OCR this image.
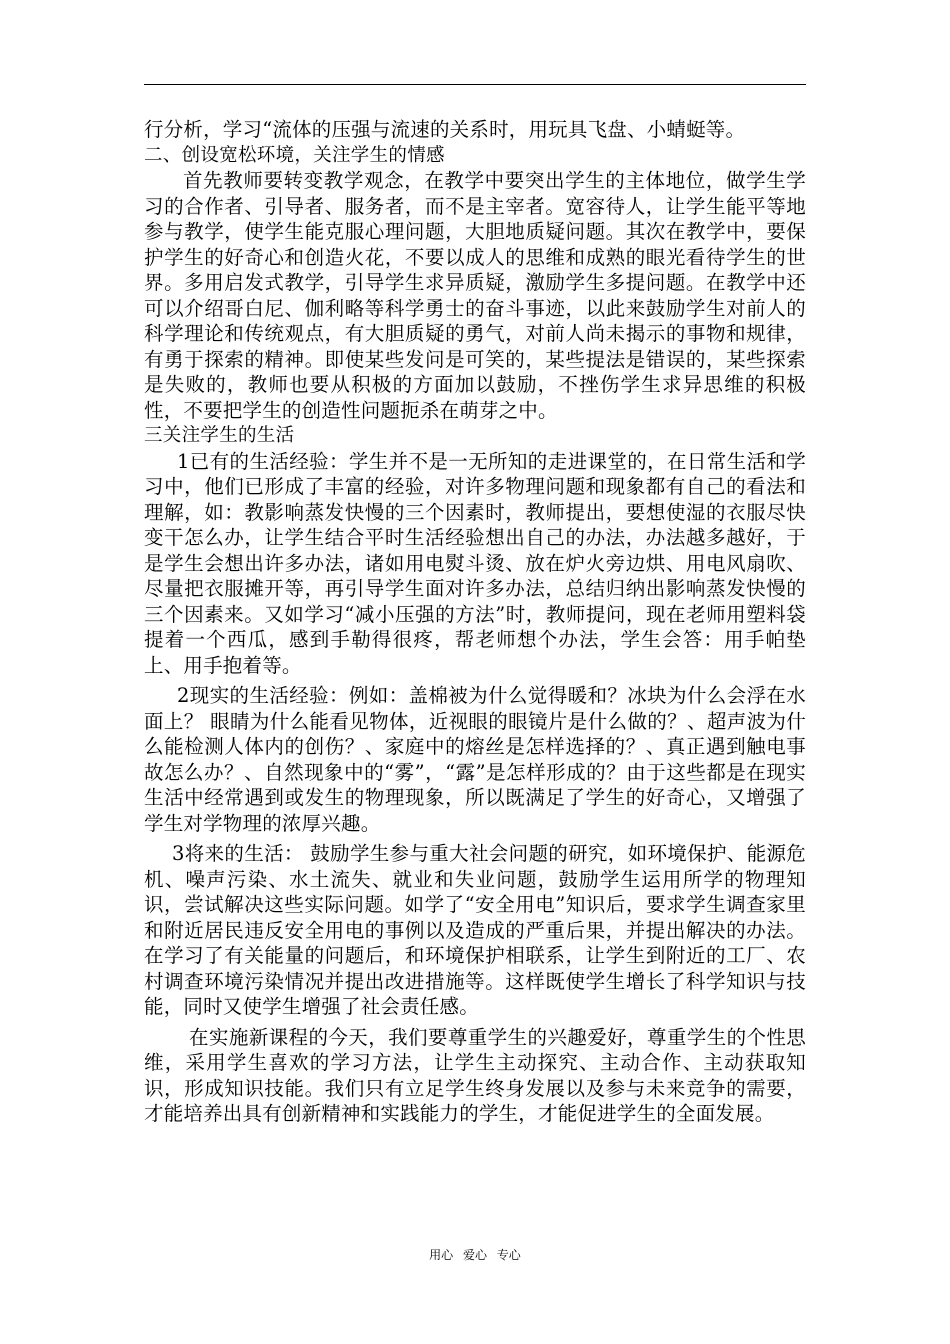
行分析，学习“流体的压强与流速的关系时，用玩具飞盘、小蜻蜓等。

二、创设宽松环境，关注学生的情感

首先教师要转变教学观念，在教学中要突出学生的主体地位，做学生学习的合作者、引导者、服务者，而不是主宰者。宽容待人，让学生能平等地参与教学，使学生能克服心理问题，大胆地质疑问题。其次在教学中，要保护学生的好奇心和创造火花，不要以成人的思维和成熟的眼光看待学生的世界。多用启发式教学，引导学生求异质疑，激励学生多提问题。在教学中还可以介绍哥白尼、伽利略等科学勇士的奋斗事迹，以此来鼓励学生对前人的科学理论和传统观点，有大胆质疑的勇气，对前人尚未揭示的事物和规律，有勇于探索的精神。即使某些发问是可笑的，某些提法是错误的，某些探索是失败的，教师也要从积极的方面加以鼓励，不挫伤学生求异思维的积极性，不要把学生的创造性问题扼杀在萌芽之中。

三关注学生的生活

1已有的生活经验：学生并不是一无所知的走进课堂的，在日常生活和学习中，他们已形成了丰富的经验，对许多物理问题和现象都有自己的看法和理解，如：教影响蒸发快慢的三个因素时，教师提出，要想使湿的衣服尽快变干怎么办，让学生结合平时生活经验想出自己的办法，办法越多越好，于是学生会想出许多办法，诸如用电熨斗烫、放在炉火旁边烘、用电风扇吹、尽量把衣服摊开等，再引导学生面对许多办法，总结归纳出影响蒸发快慢的三个因素来。又如学习“减小压强的方法”时，教师提问，现在老师用塑料袋提着一个西瓜，感到手勒得很疼，帮老师想个办法，学生会答：用手帕垫上、用手抱着等。

2现实的生活经验：例如：盖棉被为什么觉得暖和？冰块为什么会浮在水面上？ 眼睛为什么能看见物体，近视眼的眼镜片是什么做的？、超声波为什么能检测人体内的创伤？、家庭中的熔丝是怎样选择的？、真正遇到触电事故怎么办？、自然现象中的“雾”，“露”是怎样形成的？由于这些都是在现实生活中经常遇到或发生的物理现象，所以既满足了学生的好奇心，又增强了学生对学物理的浓厚兴趣。

3将来的生活： 鼓励学生参与重大社会问题的研究，如环境保护、能源危机、噪声污染、水土流失、就业和失业问题，鼓励学生运用所学的物理知识，尝试解决这些实际问题。如学了“安全用电”知识后，要求学生调查家里和附近居民违反安全用电的事例以及造成的严重后果，并提出解决的办法。在学习了有关能量的问题后，和环境保护相联系，让学生到附近的工厂、农村调查环境污染情况并提出改进措施等。这样既使学生增长了科学知识与技能，同时又使学生增强了社会责任感。

在实施新课程的今天，我们要尊重学生的兴趣爱好，尊重学生的个性思维，采用学生喜欢的学习方法，让学生主动探究、主动合作、主动获取知识，形成知识技能。我们只有立足学生终身发展以及参与未来竞争的需要，才能培养出具有创新精神和实践能力的学生，才能促进学生的全面发展。

用心 爱心 专心
